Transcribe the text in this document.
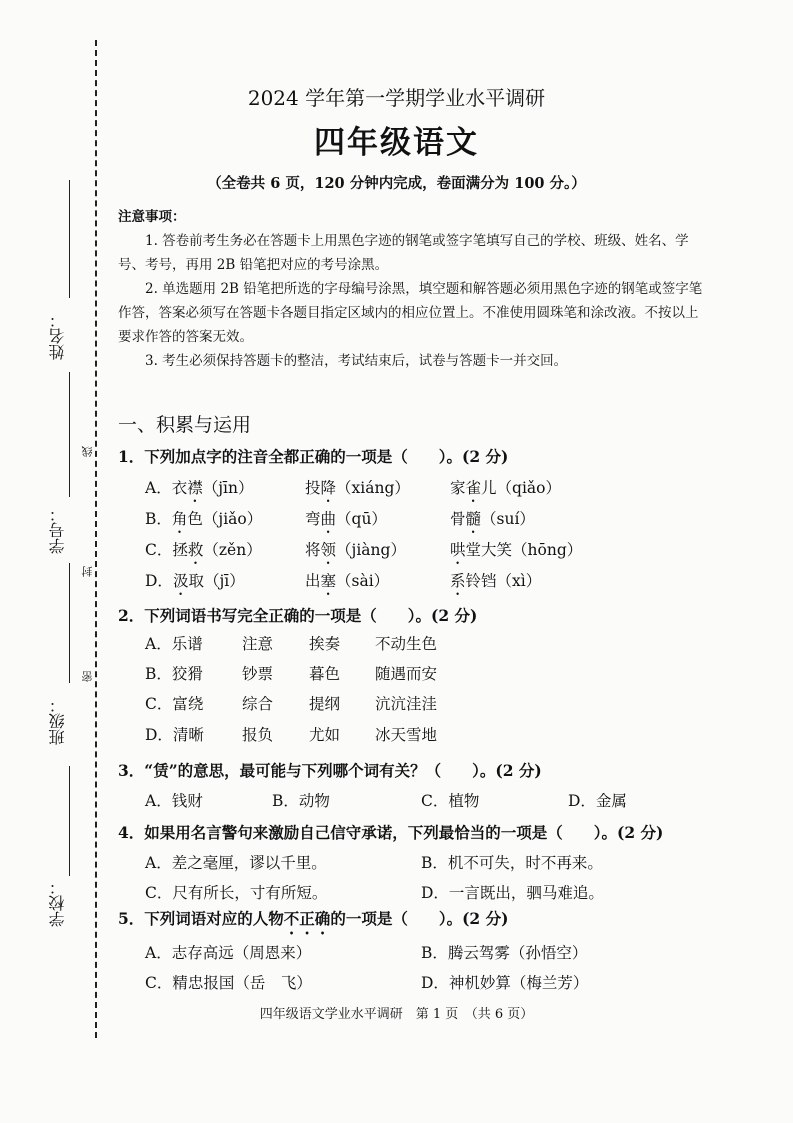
姓名：
学号：
班级：
学校：
线
封
密
2024 学年第一学期学业水平调研
四年级语文
（全卷共 6 页，120 分钟内完成，卷面满分为 100 分。）
注意事项：

1. 答卷前考生务必在答题卡上用黑色字迹的钢笔或签字笔填写自己的学校、班级、姓名、学号、考号，再用 2B 铅笔把对应的考号涂黑。

2. 单选题用 2B 铅笔把所选的字母编号涂黑，填空题和解答题必须用黑色字迹的钢笔或签字笔作答，答案必须写在答题卡各题目指定区域内的相应位置上。不准使用圆珠笔和涂改液。不按以上要求作答的答案无效。

3. 考生必须保持答题卡的整洁，考试结束后，试卷与答题卡一并交回。

一、积累与运用
1．下列加点字的注音全都正确的一项是（　　）。(2 分)
A．衣襟（jīn）	投降（xiáng）	家雀儿（qiǎo）
B．角色（jiǎo）	弯曲（qū）	骨髓（suí）
C．拯救（zěn）	将领（jiàng）	哄堂大笑（hōng）
D．汲取（jī）	出塞（sài）	系铃铛（xì）
2．下列词语书写完全正确的一项是（　　）。(2 分)
A．乐谱	注意 挨奏 不动生色
B．狡猾	钞票 暮色 随遇而安
C．富绕 综合 提纲 沆沆洼洼
D．清晰 报负 尤如 冰天雪地
3．“赁”的意思，最可能与下列哪个词有关？（　　）。(2 分)
A．钱财	B．动物	C．植物	D．金属
4．如果用名言警句来激励自己信守承诺，下列最恰当的一项是（　　）。(2 分)
A．差之毫厘，谬以千里。	B．机不可失，时不再来。
C．尺有所长，寸有所短。	D．一言既出，驷马难追。
5．下列词语对应的人物不正确的一项是（　　）。(2 分)
A．志存高远（周恩来）	B．腾云驾雾（孙悟空）
C．精忠报国（岳　飞）	D．神机妙算（梅兰芳）
四年级语文学业水平调研　第 1 页　（共 6 页）
